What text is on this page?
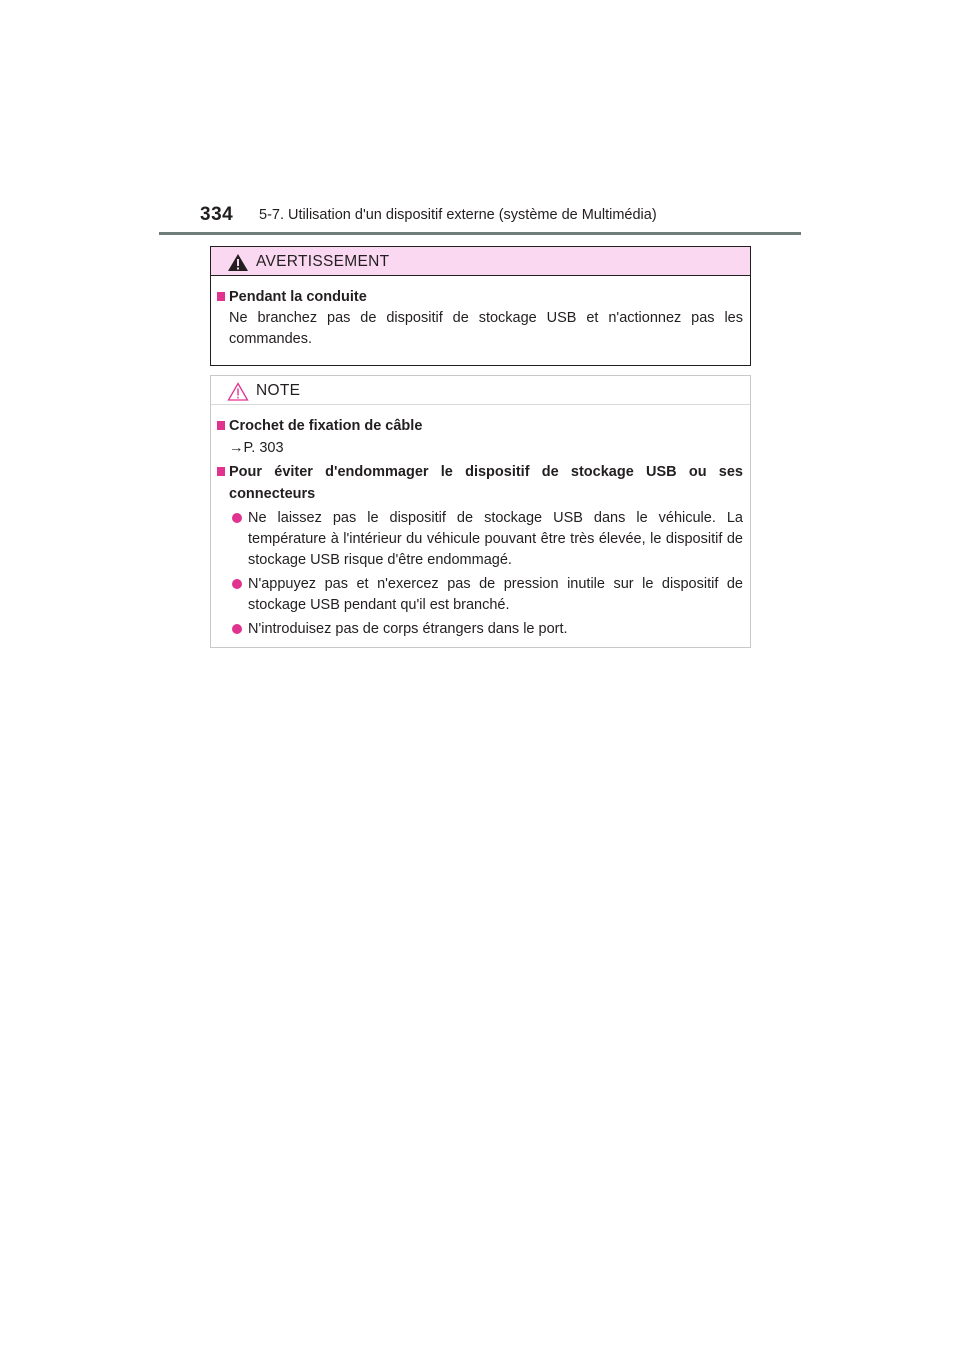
334 5-7. Utilisation d'un dispositif externe (système de Multimédia)
AVERTISSEMENT
Pendant la conduite
Ne branchez pas de dispositif de stockage USB et n'actionnez pas les commandes.
NOTE
Crochet de fixation de câble
→P. 303
Pour éviter d'endommager le dispositif de stockage USB ou ses connecteurs
Ne laissez pas le dispositif de stockage USB dans le véhicule. La température à l'intérieur du véhicule pouvant être très élevée, le dispositif de stockage USB risque d'être endommagé.
N'appuyez pas et n'exercez pas de pression inutile sur le dispositif de stockage USB pendant qu'il est branché.
N'introduisez pas de corps étrangers dans le port.
